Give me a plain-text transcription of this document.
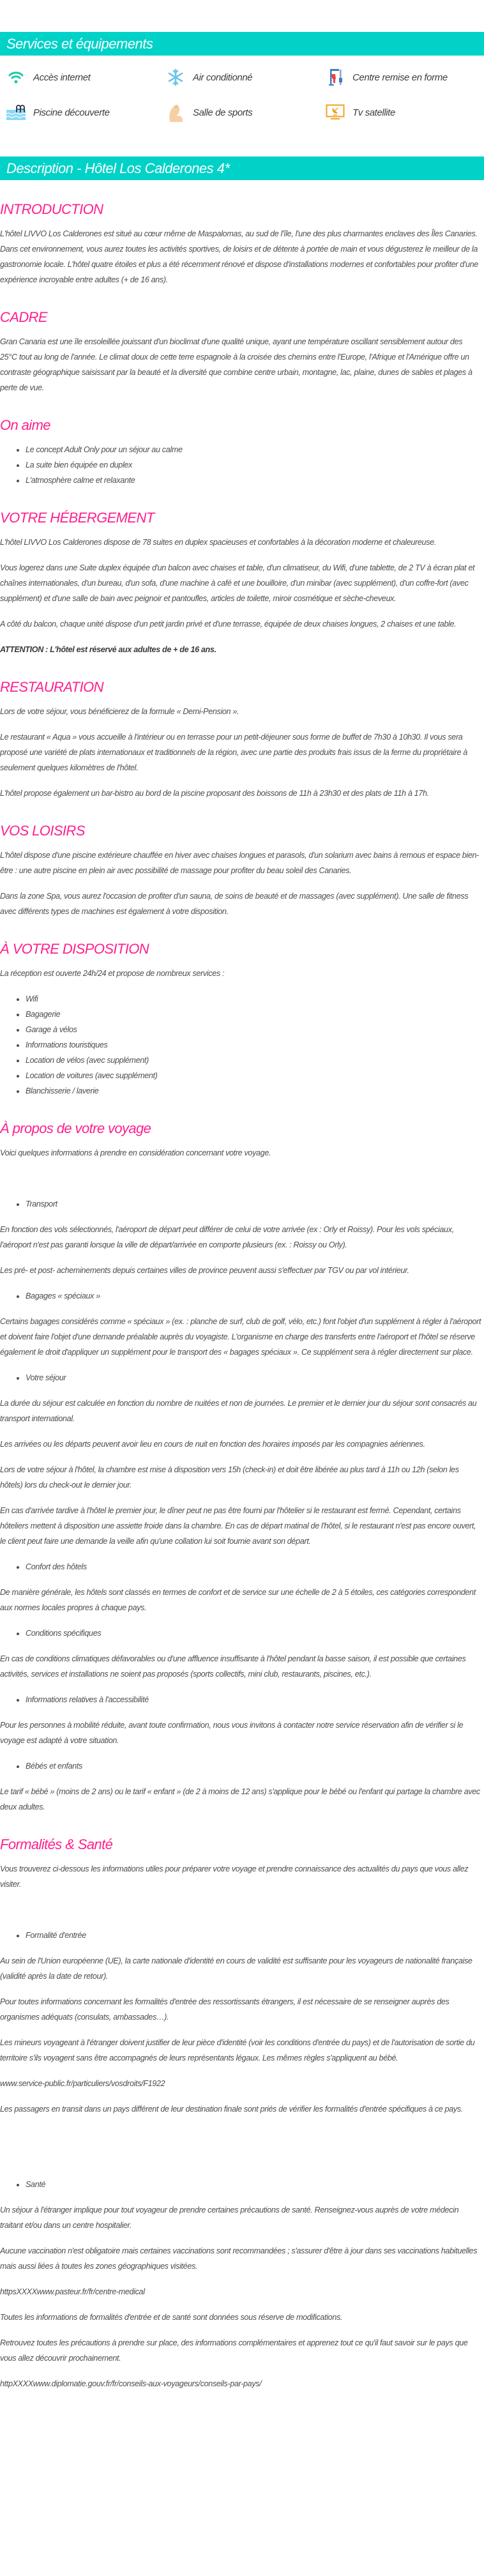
Services et équipements
Accès internet	Air conditionné	Centre remise en forme
Piscine découverte	Salle de sports	Tv satellite
Description - Hôtel Los Calderones 4*
INTRODUCTION

L'hôtel LIVVO Los Calderones est situé au cœur même de Maspalomas, au sud de l'île, l'une des plus charmantes enclaves des Îles Canaries. Dans cet environnement, vous aurez toutes les activités sportives, de loisirs et de détente à portée de main et vous dégusterez le meilleur de la gastronomie locale. L'hôtel quatre étoiles et plus a été récemment rénové et dispose d'installations modernes et confortables pour profiter d'une expérience incroyable entre adultes (+ de 16 ans).

CADRE

Gran Canaria est une île ensoleillée jouissant d'un bioclimat d'une qualité unique, ayant une température oscillant sensiblement autour des 25°C tout au long de l'année. Le climat doux de cette terre espagnole à la croisée des chemins entre l'Europe, l'Afrique et l'Amérique offre un contraste géographique saisissant par la beauté et la diversité que combine centre urbain, montagne, lac, plaine, dunes de sables et plages à perte de vue.

On aime
• Le concept Adult Only pour un séjour au calme
• La suite bien équipée en duplex
• L'atmosphère calme et relaxante
VOTRE HÉBERGEMENT

L'hôtel LIVVO Los Calderones dispose de 78 suites en duplex spacieuses et confortables à la décoration moderne et chaleureuse.

Vous logerez dans une Suite duplex équipée d'un balcon avec chaises et table, d'un climatiseur, du Wifi, d'une tablette, de 2 TV à écran plat et chaînes internationales, d'un bureau, d'un sofa, d'une machine à café et une bouilloire, d'un minibar (avec supplément), d'un coffre-fort (avec supplément) et d'une salle de bain avec peignoir et pantoufles, articles de toilette, miroir cosmétique et sèche-cheveux.

A côté du balcon, chaque unité dispose d'un petit jardin privé et d'une terrasse, équipée de deux chaises longues, 2 chaises et une table.

ATTENTION : L'hôtel est réservé aux adultes de + de 16 ans.

RESTAURATION

Lors de votre séjour, vous bénéficierez de la formule « Demi-Pension ».

Le restaurant « Aqua » vous accueille à l'intérieur ou en terrasse pour un petit-déjeuner sous forme de buffet de 7h30 à 10h30. Il vous sera proposé une variété de plats internationaux et traditionnels de la région, avec une partie des produits frais issus de la ferme du propriétaire à seulement quelques kilomètres de l'hôtel.

L'hôtel propose également un bar-bistro au bord de la piscine proposant des boissons de 11h à 23h30 et des plats de 11h à 17h.

VOS LOISIRS

L'hôtel dispose d'une piscine extérieure chauffée en hiver avec chaises longues et parasols, d'un solarium avec bains à remous et espace bien-être : une autre piscine en plein air avec possibilité de massage pour profiter du beau soleil des Canaries.

Dans la zone Spa, vous aurez l'occasion de profiter d'un sauna, de soins de beauté et de massages (avec supplément). Une salle de fitness avec différents types de machines est également à votre disposition.

À VOTRE DISPOSITION

La réception est ouverte 24h/24 et propose de nombreux services :

• Wifi
• Bagagerie
• Garage à vélos
• Informations touristiques
• Location de vélos (avec supplément)
• Location de voitures (avec supplément)
• Blanchisserie / laverie
À propos de votre voyage

Voici quelques informations à prendre en considération concernant votre voyage.

• Transport

En fonction des vols sélectionnés, l'aéroport de départ peut différer de celui de votre arrivée (ex : Orly et Roissy). Pour les vols spéciaux, l'aéroport n'est pas garanti lorsque la ville de départ/arrivée en comporte plusieurs (ex. : Roissy ou Orly).

Les pré- et post- acheminements depuis certaines villes de province peuvent aussi s'effectuer par TGV ou par vol intérieur.

• Bagages « spéciaux »

Certains bagages considérés comme « spéciaux » (ex. : planche de surf, club de golf, vélo, etc.) font l'objet d'un supplément à régler à l'aéroport et doivent faire l'objet d'une demande préalable auprès du voyagiste. L'organisme en charge des transferts entre l'aéroport et l'hôtel se réserve également le droit d'appliquer un supplément pour le transport des « bagages spéciaux ». Ce supplément sera à régler directement sur place.

• Votre séjour

La durée du séjour est calculée en fonction du nombre de nuitées et non de journées. Le premier et le dernier jour du séjour sont consacrés au transport international.

Les arrivées ou les départs peuvent avoir lieu en cours de nuit en fonction des horaires imposés par les compagnies aériennes.

Lors de votre séjour à l'hôtel, la chambre est mise à disposition vers 15h (check-in) et doit être libérée au plus tard à 11h ou 12h (selon les hôtels) lors du check-out le dernier jour.

En cas d'arrivée tardive à l'hôtel le premier jour, le dîner peut ne pas être fourni par l'hôtelier si le restaurant est fermé. Cependant, certains hôteliers mettent à disposition une assiette froide dans la chambre. En cas de départ matinal de l'hôtel, si le restaurant n'est pas encore ouvert, le client peut faire une demande la veille afin qu'une collation lui soit fournie avant son départ.

• Confort des hôtels

De manière générale, les hôtels sont classés en termes de confort et de service sur une échelle de 2 à 5 étoiles, ces catégories correspondent aux normes locales propres à chaque pays.

• Conditions spécifiques

En cas de conditions climatiques défavorables ou d'une affluence insuffisante à l'hôtel pendant la basse saison, il est possible que certaines activités, services et installations ne soient pas proposés (sports collectifs, mini club, restaurants, piscines, etc.).

• Informations relatives à l'accessibilité

Pour les personnes à mobilité réduite, avant toute confirmation, nous vous invitons à contacter notre service réservation afin de vérifier si le voyage est adapté à votre situation.

• Bébés et enfants

Le tarif « bébé » (moins de 2 ans) ou le tarif « enfant » (de 2 à moins de 12 ans) s'applique pour le bébé ou l'enfant qui partage la chambre avec deux adultes.

Formalités & Santé

Vous trouverez ci-dessous les informations utiles pour préparer votre voyage et prendre connaissance des actualités du pays que vous allez visiter.

• Formalité d'entrée

Au sein de l'Union européenne (UE), la carte nationale d'identité en cours de validité est suffisante pour les voyageurs de nationalité française (validité après la date de retour).

Pour toutes informations concernant les formalités d'entrée des ressortissants étrangers, il est nécessaire de se renseigner auprès des organismes adéquats (consulats, ambassades…).

Les mineurs voyageant à l'étranger doivent justifier de leur pièce d'identité (voir les conditions d'entrée du pays) et de l'autorisation de sortie du territoire s'ils voyagent sans être accompagnés de leurs représentants légaux. Les mêmes règles s'appliquent au bébé.

www.service-public.fr/particuliers/vosdroits/F1922

Les passagers en transit dans un pays différent de leur destination finale sont priés de vérifier les formalités d'entrée spécifiques à ce pays.

• Santé

Un séjour à l'étranger implique pour tout voyageur de prendre certaines précautions de santé. Renseignez-vous auprès de votre médecin traitant et/ou dans un centre hospitalier.

Aucune vaccination n'est obligatoire mais certaines vaccinations sont recommandées ; s'assurer d'être à jour dans ses vaccinations habituelles mais aussi liées à toutes les zones géographiques visitées.

httpsXXXXwww.pasteur.fr/fr/centre-medical

Toutes les informations de formalités d'entrée et de santé sont données sous réserve de modifications.

Retrouvez toutes les précautions à prendre sur place, des informations complémentaires et apprenez tout ce qu'il faut savoir sur le pays que vous allez découvrir prochainement.

httpXXXXwww.diplomatie.gouv.fr/fr/conseils-aux-voyageurs/conseils-par-pays/
